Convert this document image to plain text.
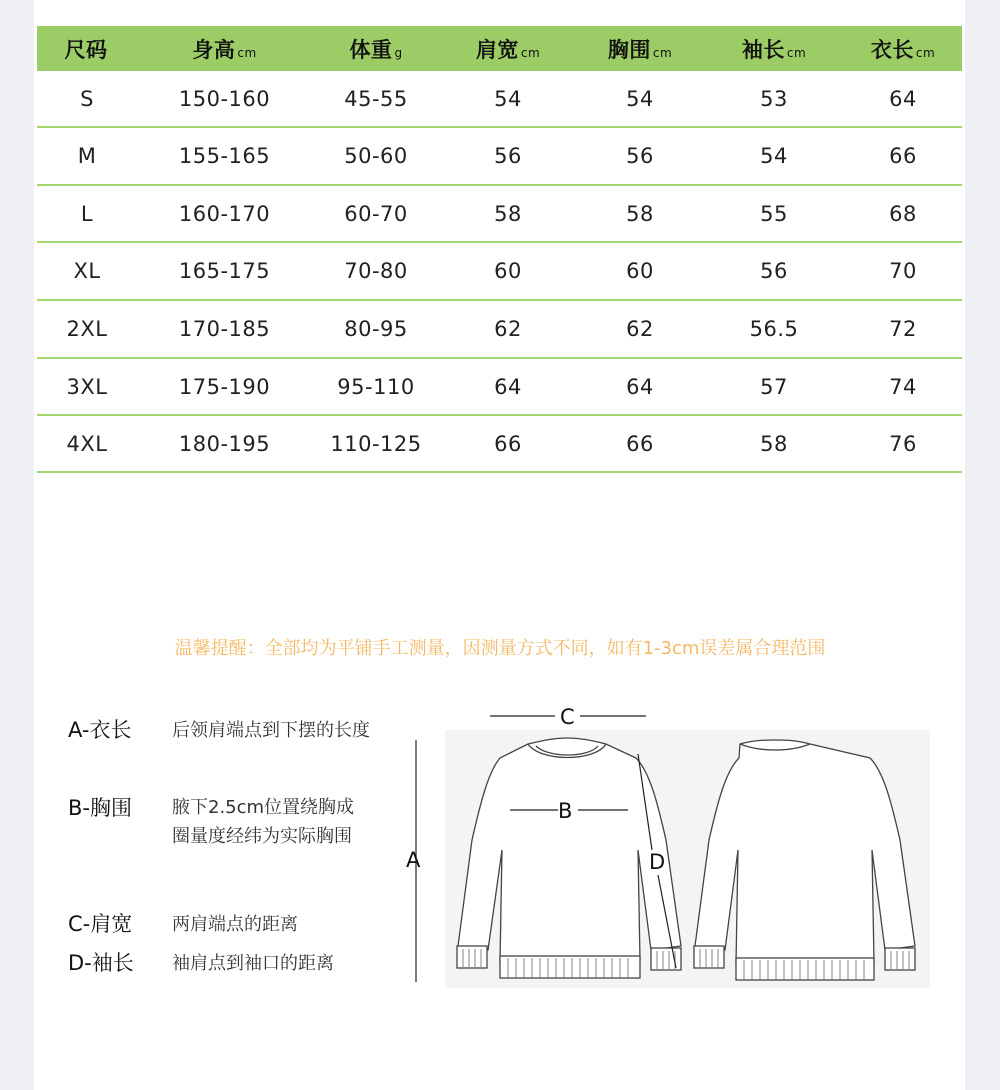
尺码	身高 cm	体重 g	肩宽 cm	胸围 cm	袖长 cm	衣长 cm
S	150-160	45-55	54	54	53	64
M	155-165	50-60	56	56	54	66
L	160-170	60-70	58	58	55	68
XL	165-175	70-80	60	60	56	70
2XL	170-185	80-95	62	62	56.5	72
3XL	175-190	95-110	64	64	57	74
4XL	180-195	110-125	66	66	58	76
温馨提醒：全部均为平铺手工测量，因测量方式不同，如有1-3cm误差属合理范围
A-衣长 后领肩端点到下摆的长度
B-胸围 腋下2.5cm位置绕胸成圈量度经纬为实际胸围
C-肩宽 两肩端点的距离
D-袖长 袖肩点到袖口的距离
A
B
C
D
